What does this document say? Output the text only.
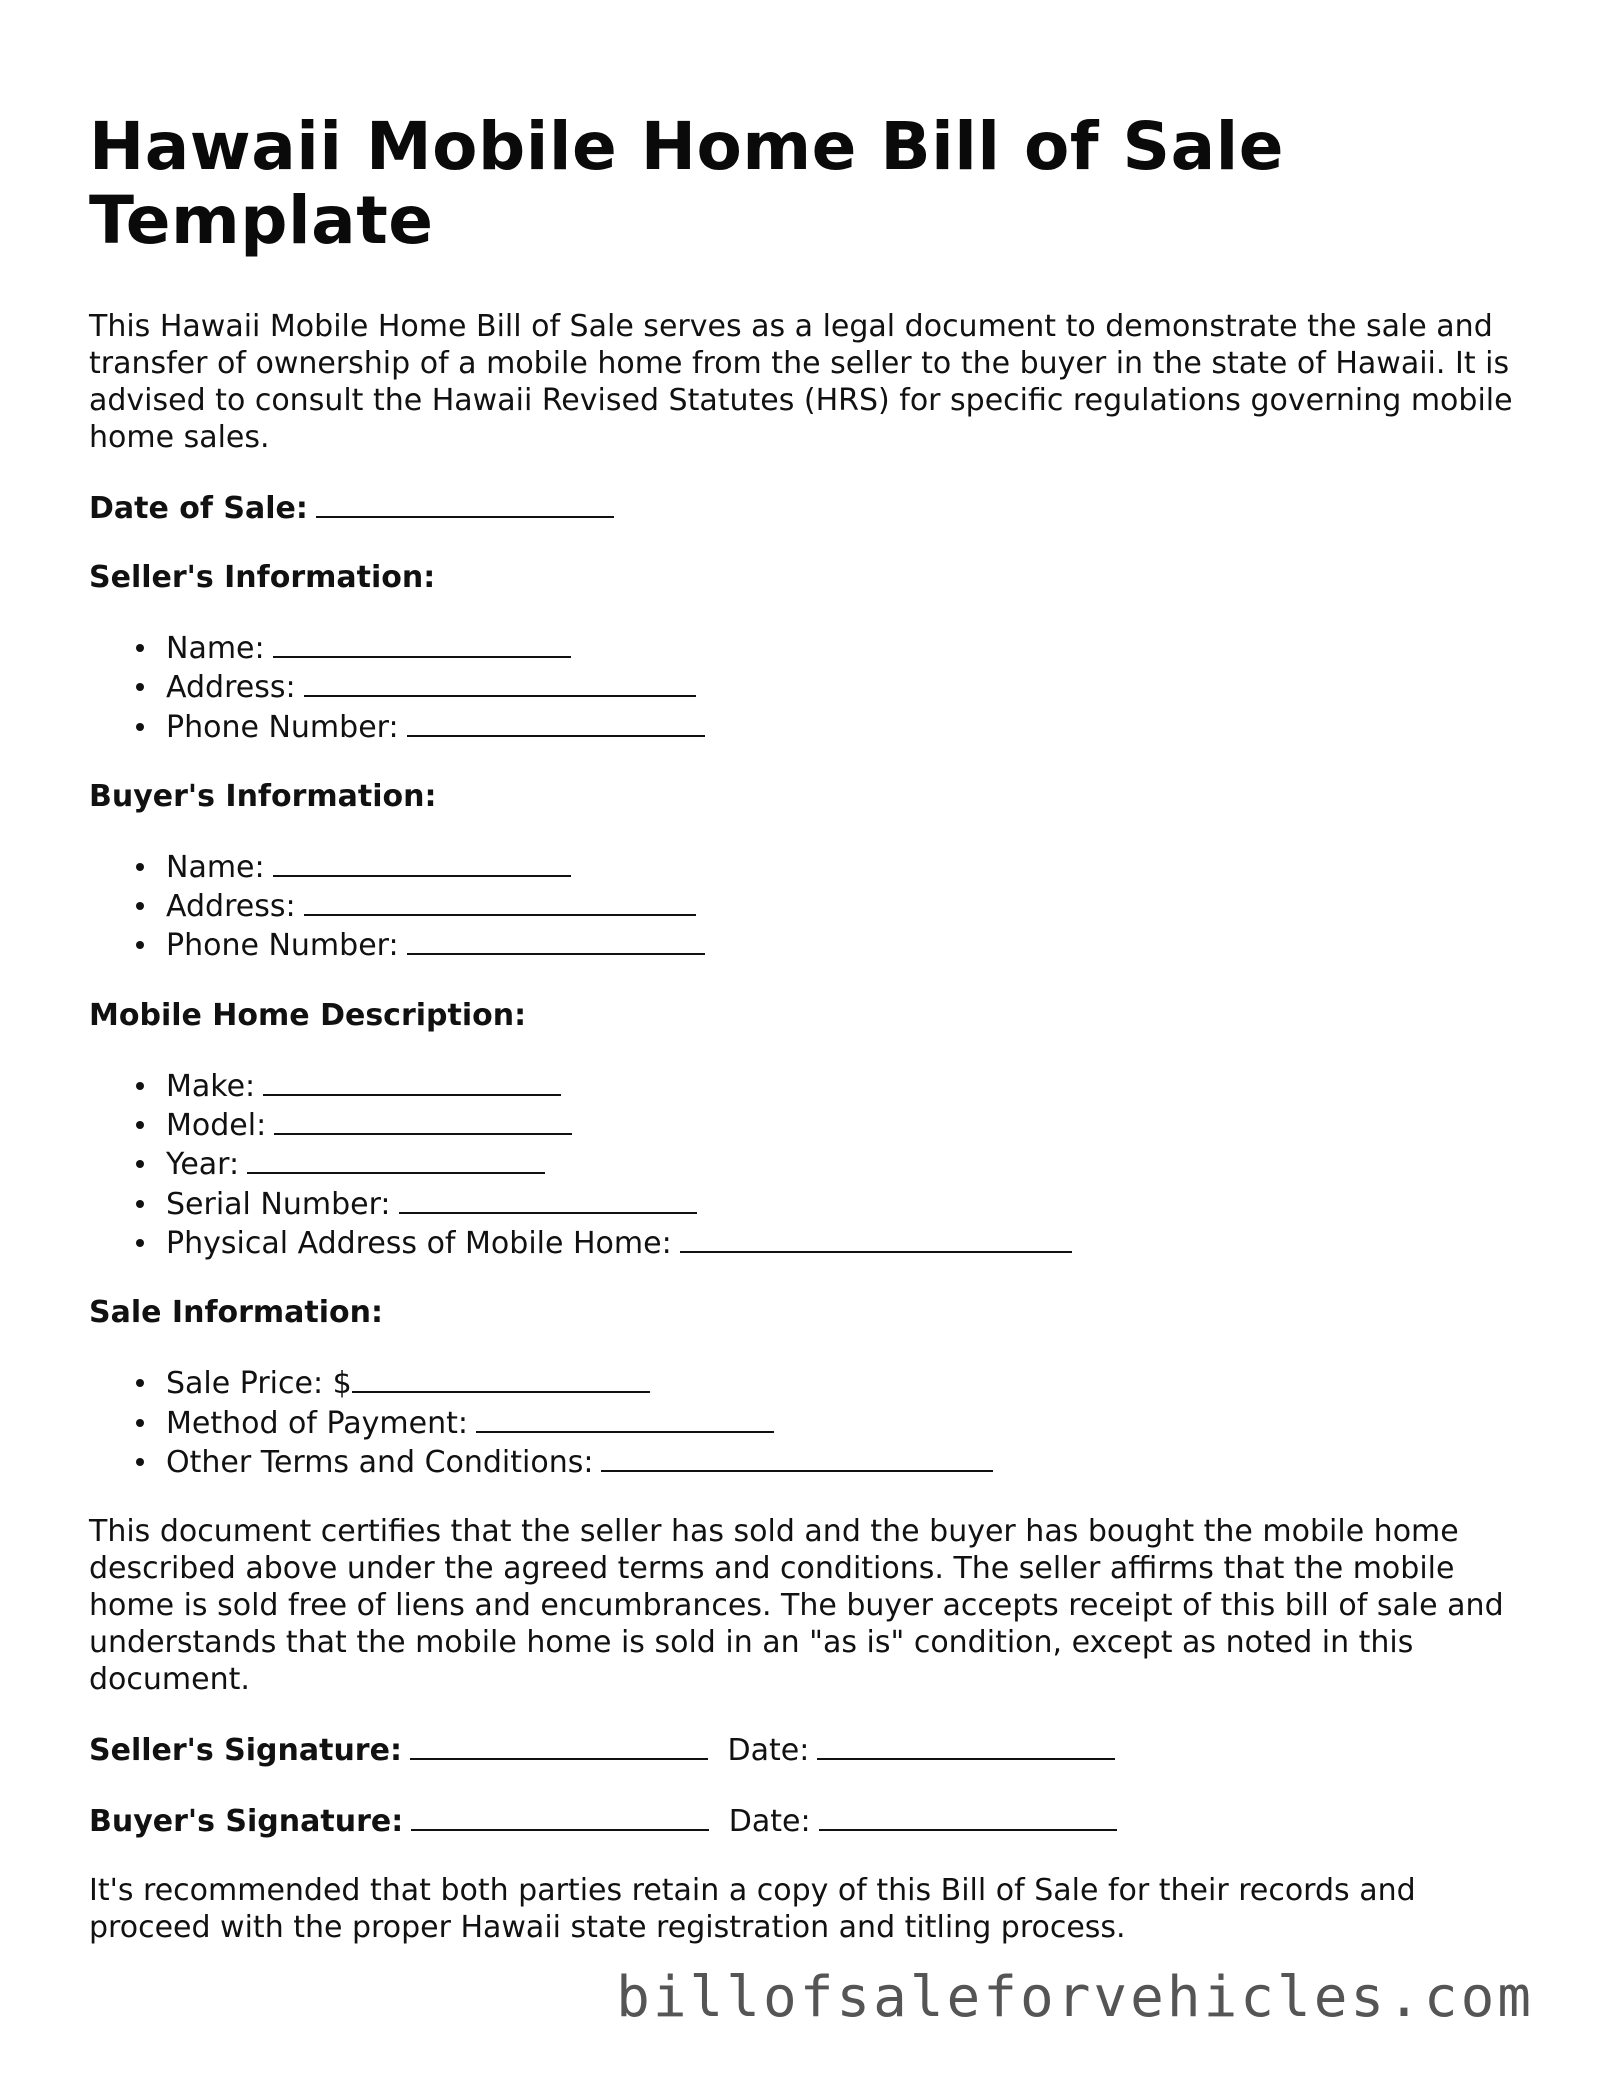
Hawaii Mobile Home Bill of Sale Template

This Hawaii Mobile Home Bill of Sale serves as a legal document to demonstrate the sale and transfer of ownership of a mobile home from the seller to the buyer in the state of Hawaii. It is advised to consult the Hawaii Revised Statutes (HRS) for specific regulations governing mobile home sales.

Date of Sale:
Seller's Information:
Name:
Address:
Phone Number:
Buyer's Information:
Name:
Address:
Phone Number:
Mobile Home Description:
Make:
Model:
Year:
Serial Number:
Physical Address of Mobile Home:
Sale Information:
Sale Price: $
Method of Payment:
Other Terms and Conditions:

This document certifies that the seller has sold and the buyer has bought the mobile home described above under the agreed terms and conditions. The seller affirms that the mobile home is sold free of liens and encumbrances. The buyer accepts receipt of this bill of sale and understands that the mobile home is sold in an "as is" condition, except as noted in this document.

Seller's Signature:	Date:
Buyer's Signature:	Date:

It's recommended that both parties retain a copy of this Bill of Sale for their records and proceed with the proper Hawaii state registration and titling process.

billofsaleforvehicles.com
